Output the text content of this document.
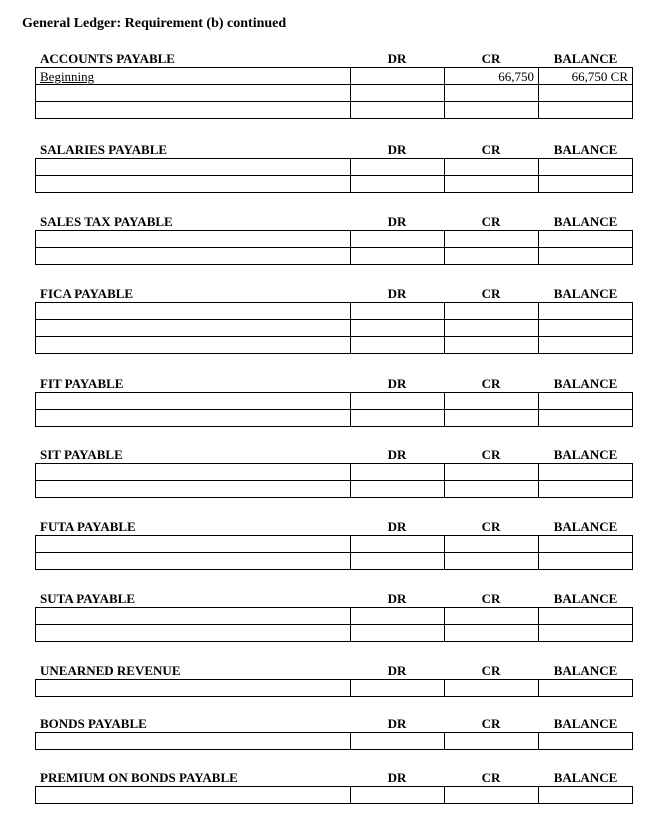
General Ledger: Requirement (b) continued
ACCOUNTS PAYABLE	DR	CR	BALANCE
Beginning		66,750	66,750 CR

SALARIES PAYABLE	DR	CR	BALANCE

SALES TAX PAYABLE	DR	CR	BALANCE

FICA PAYABLE	DR	CR	BALANCE

FIT PAYABLE	DR	CR	BALANCE

SIT PAYABLE	DR	CR	BALANCE

FUTA PAYABLE	DR	CR	BALANCE

SUTA PAYABLE	DR	CR	BALANCE

UNEARNED REVENUE	DR	CR	BALANCE

BONDS PAYABLE	DR	CR	BALANCE

PREMIUM ON BONDS PAYABLE	DR	CR	BALANCE
